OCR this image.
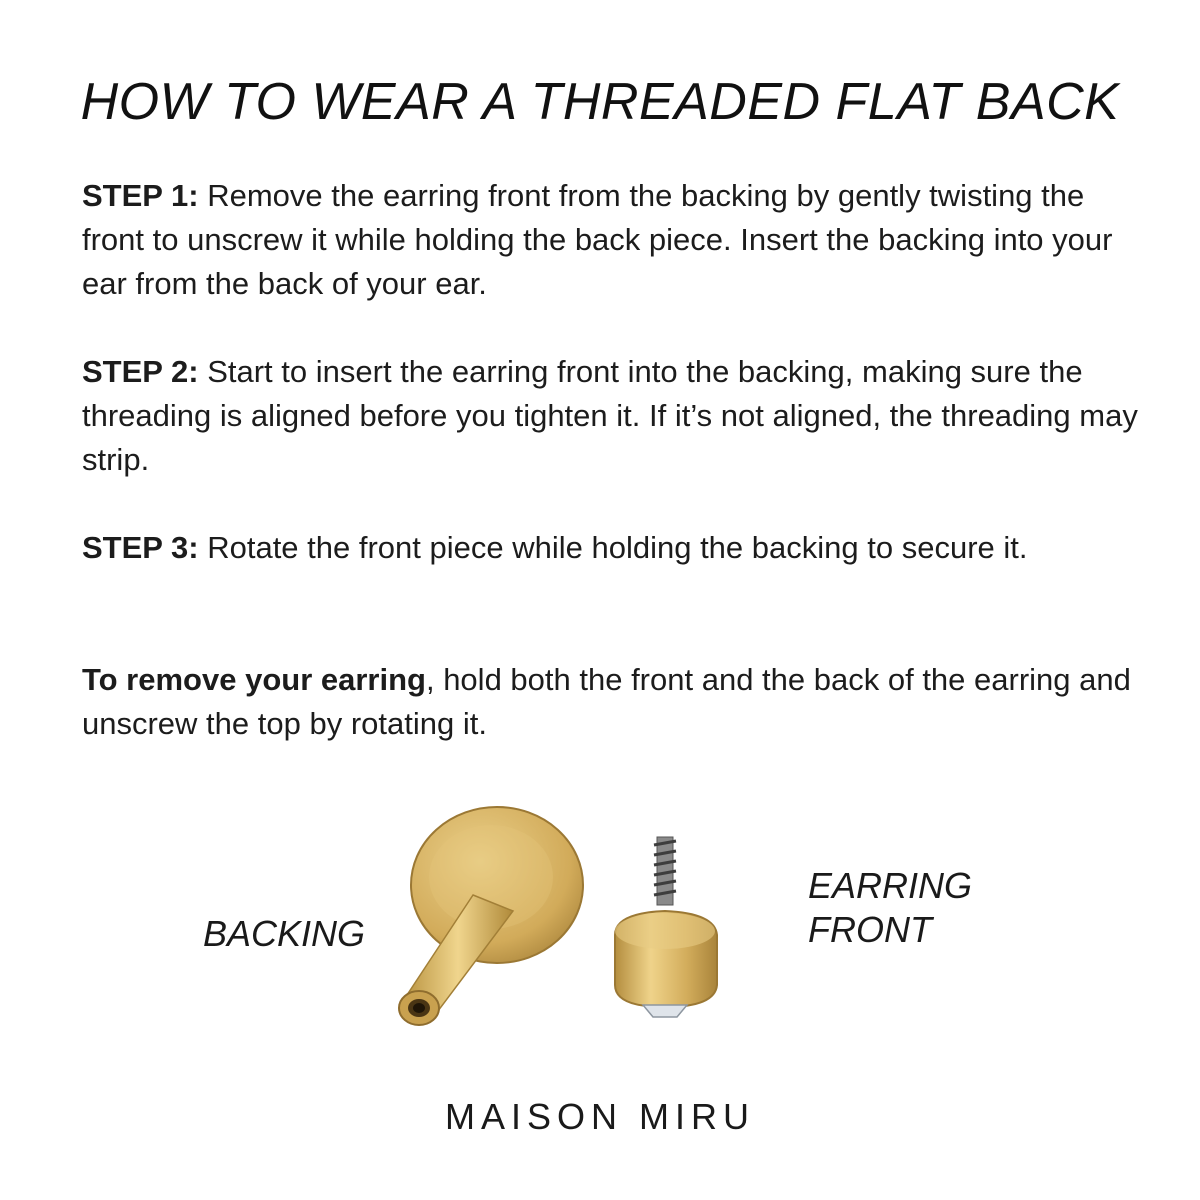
HOW TO WEAR A THREADED FLAT BACK
STEP 1: Remove the earring front from the backing by gently twisting the front to unscrew it while holding the back piece. Insert the backing into your ear from the back of your ear.
STEP 2: Start to insert the earring front into the backing, making sure the threading is aligned before you tighten it. If it’s not aligned, the threading may strip.
STEP 3: Rotate the front piece while holding the backing to secure it.
To remove your earring, hold both the front and the back of the earring and unscrew the top by rotating it.
BACKING
EARRING
FRONT
MAISON MIRU
